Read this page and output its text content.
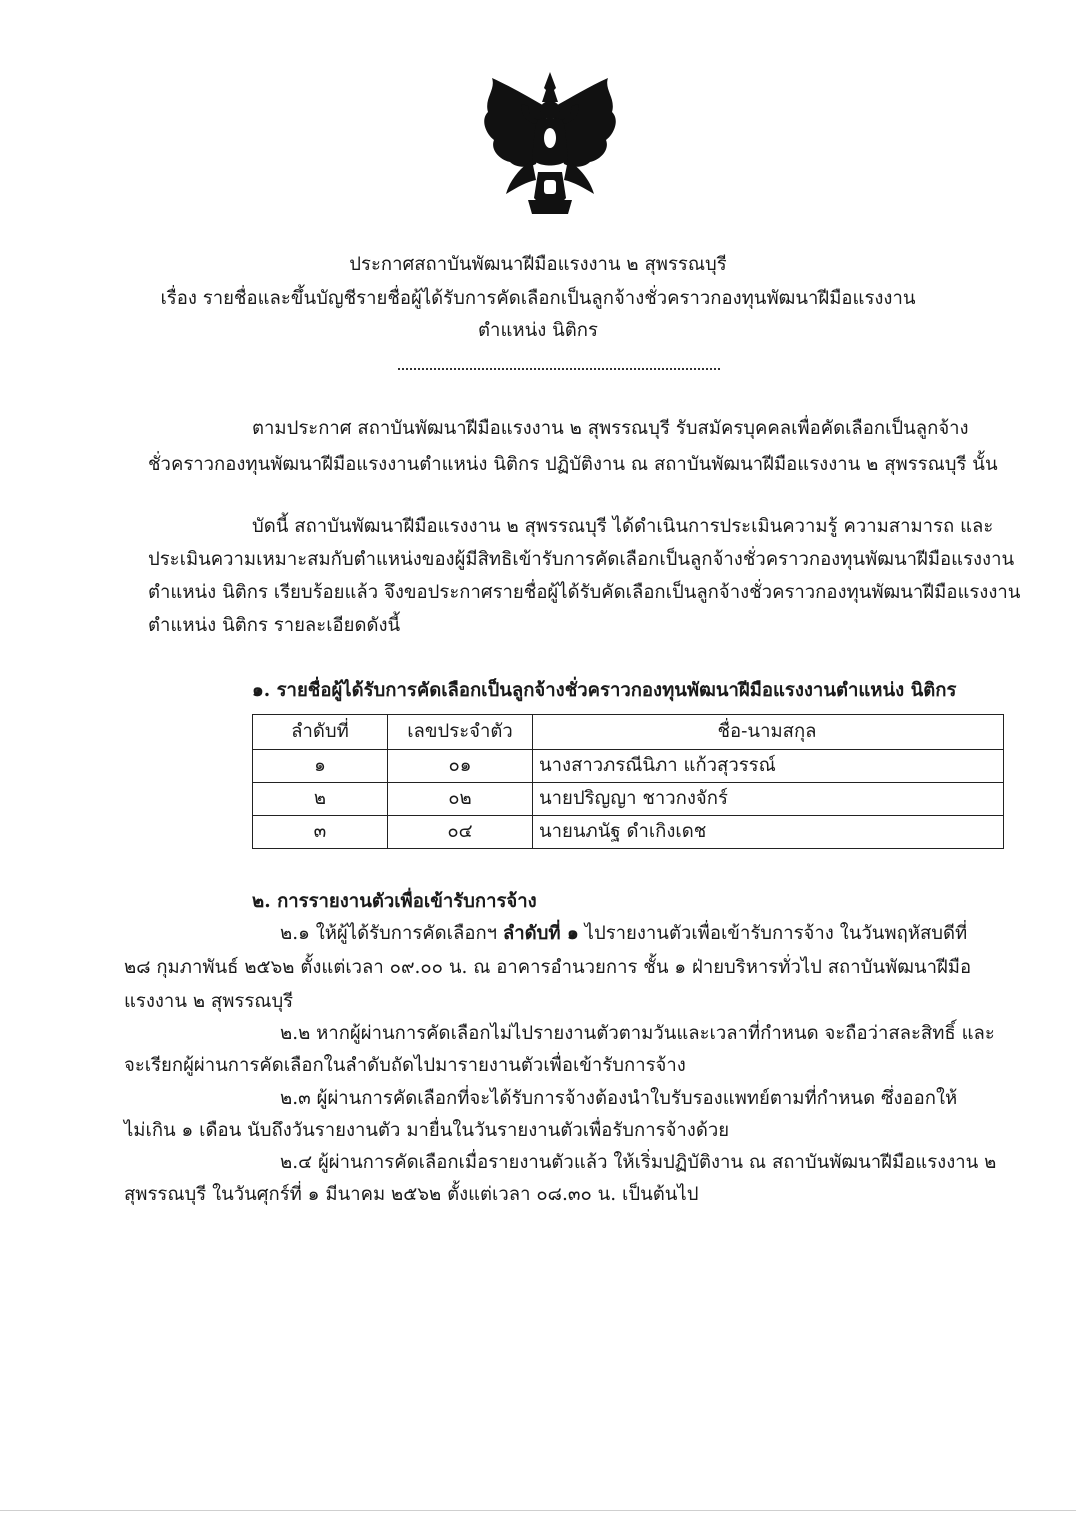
ประกาศสถาบันพัฒนาฝีมือแรงงาน ๒ สุพรรณบุรี
เรื่อง รายชื่อและขึ้นบัญชีรายชื่อผู้ได้รับการคัดเลือกเป็นลูกจ้างชั่วคราวกองทุนพัฒนาฝีมือแรงงาน
ตำแหน่ง นิติกร
ตามประกาศ สถาบันพัฒนาฝีมือแรงงาน ๒ สุพรรณบุรี รับสมัครบุคคลเพื่อคัดเลือกเป็นลูกจ้าง
ชั่วคราวกองทุนพัฒนาฝีมือแรงงานตำแหน่ง นิติกร ปฏิบัติงาน ณ สถาบันพัฒนาฝีมือแรงงาน ๒ สุพรรณบุรี นั้น
บัดนี้ สถาบันพัฒนาฝีมือแรงงาน ๒ สุพรรณบุรี ได้ดำเนินการประเมินความรู้ ความสามารถ และ
ประเมินความเหมาะสมกับตำแหน่งของผู้มีสิทธิเข้ารับการคัดเลือกเป็นลูกจ้างชั่วคราวกองทุนพัฒนาฝีมือแรงงาน
ตำแหน่ง นิติกร เรียบร้อยแล้ว จึงขอประกาศรายชื่อผู้ได้รับคัดเลือกเป็นลูกจ้างชั่วคราวกองทุนพัฒนาฝีมือแรงงาน
ตำแหน่ง นิติกร รายละเอียดดังนี้
๑. รายชื่อผู้ได้รับการคัดเลือกเป็นลูกจ้างชั่วคราวกองทุนพัฒนาฝีมือแรงงานตำแหน่ง นิติกร
ลำดับที่	เลขประจำตัว	ชื่อ-นามสกุล
๑	๐๑	นางสาวภรณีนิภา แก้วสุวรรณ์
๒	๐๒	นายปริญญา ชาวกงจักร์
๓	๐๔	นายนภนัฐ ดำเกิงเดช
๒. การรายงานตัวเพื่อเข้ารับการจ้าง
๒.๑ ให้ผู้ได้รับการคัดเลือกฯ ลำดับที่ ๑ ไปรายงานตัวเพื่อเข้ารับการจ้าง ในวันพฤหัสบดีที่
๒๘ กุมภาพันธ์ ๒๕๖๒ ตั้งแต่เวลา ๐๙.๐๐ น. ณ อาคารอำนวยการ ชั้น ๑ ฝ่ายบริหารทั่วไป สถาบันพัฒนาฝีมือ
แรงงาน ๒ สุพรรณบุรี
๒.๒ หากผู้ผ่านการคัดเลือกไม่ไปรายงานตัวตามวันและเวลาที่กำหนด จะถือว่าสละสิทธิ์ และ
จะเรียกผู้ผ่านการคัดเลือกในลำดับถัดไปมารายงานตัวเพื่อเข้ารับการจ้าง
๒.๓ ผู้ผ่านการคัดเลือกที่จะได้รับการจ้างต้องนำใบรับรองแพทย์ตามที่กำหนด ซึ่งออกให้
ไม่เกิน ๑ เดือน นับถึงวันรายงานตัว มายื่นในวันรายงานตัวเพื่อรับการจ้างด้วย
๒.๔ ผู้ผ่านการคัดเลือกเมื่อรายงานตัวแล้ว ให้เริ่มปฏิบัติงาน ณ สถาบันพัฒนาฝีมือแรงงาน ๒
สุพรรณบุรี ในวันศุกร์ที่ ๑ มีนาคม ๒๕๖๒ ตั้งแต่เวลา ๐๘.๓๐ น. เป็นต้นไป
